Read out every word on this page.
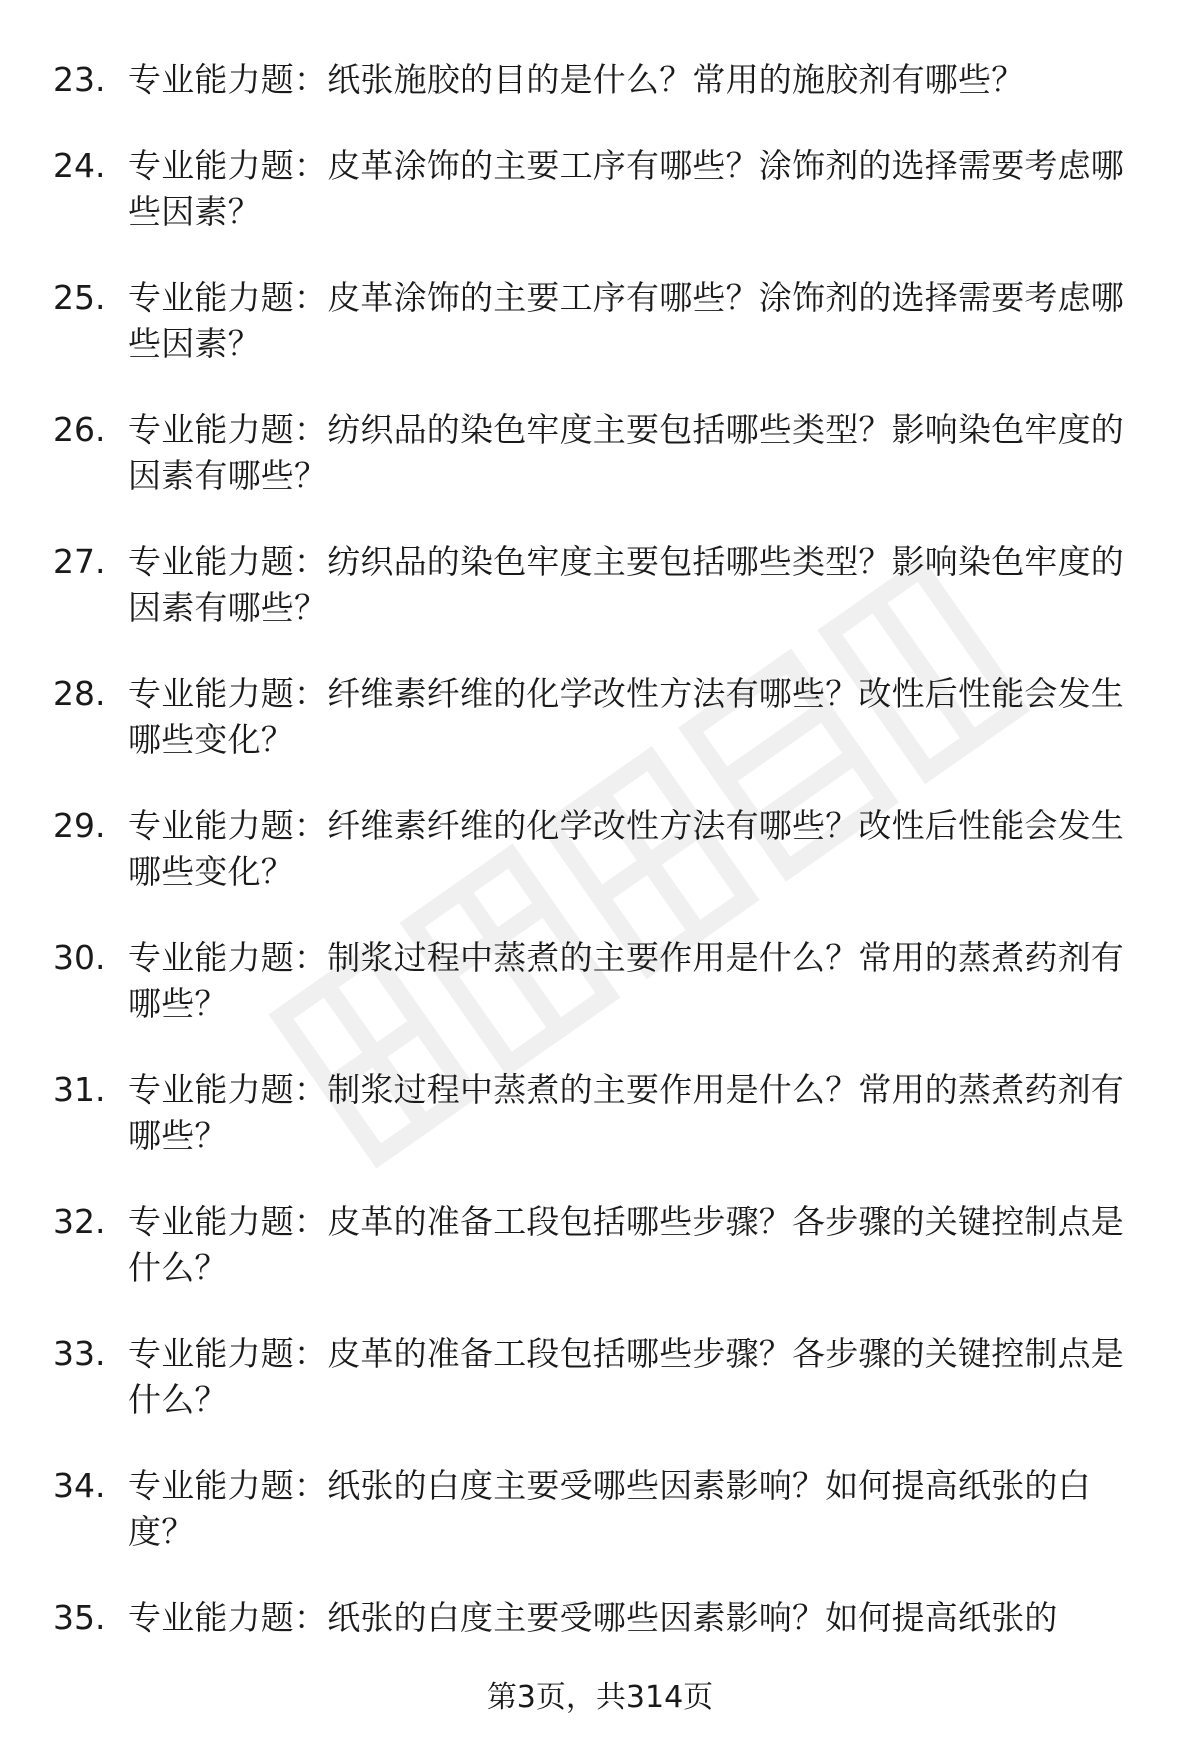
23. 专业能力题：纸张施胶的目的是什么？常用的施胶剂有哪些？
24. 专业能力题：皮革涂饰的主要工序有哪些？涂饰剂的选择需要考虑哪些因素？
25. 专业能力题：皮革涂饰的主要工序有哪些？涂饰剂的选择需要考虑哪些因素？
26. 专业能力题：纺织品的染色牢度主要包括哪些类型？影响染色牢度的因素有哪些？
27. 专业能力题：纺织品的染色牢度主要包括哪些类型？影响染色牢度的因素有哪些？
28. 专业能力题：纤维素纤维的化学改性方法有哪些？改性后性能会发生哪些变化？
29. 专业能力题：纤维素纤维的化学改性方法有哪些？改性后性能会发生哪些变化？
30. 专业能力题：制浆过程中蒸煮的主要作用是什么？常用的蒸煮药剂有哪些？
31. 专业能力题：制浆过程中蒸煮的主要作用是什么？常用的蒸煮药剂有哪些？
32. 专业能力题：皮革的准备工段包括哪些步骤？各步骤的关键控制点是什么？
33. 专业能力题：皮革的准备工段包括哪些步骤？各步骤的关键控制点是什么？
34. 专业能力题：纸张的白度主要受哪些因素影响？如何提高纸张的白度？
35. 专业能力题：纸张的白度主要受哪些因素影响？如何提高纸张的
第3页，共314页
